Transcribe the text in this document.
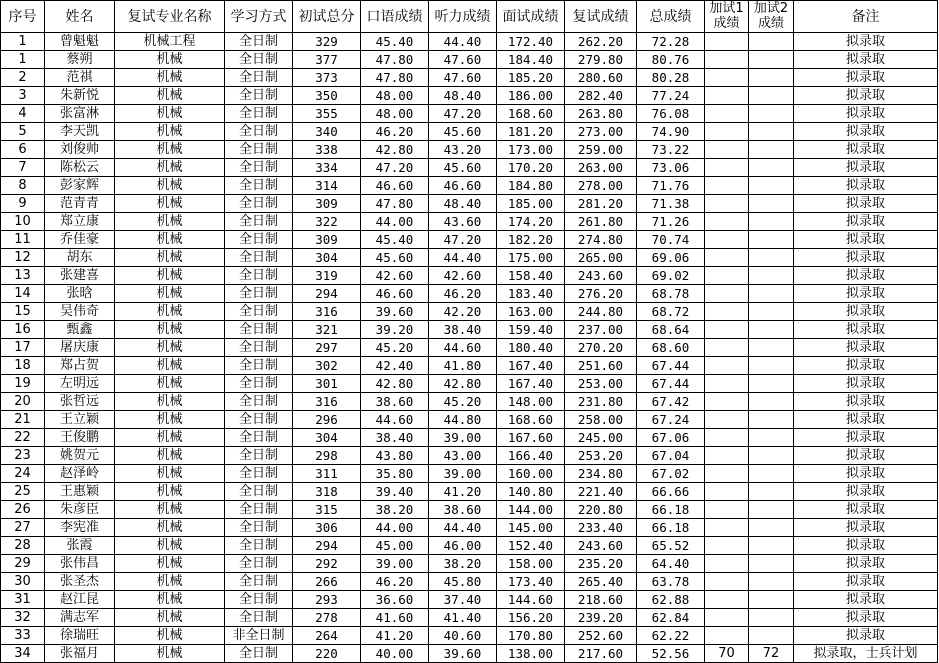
序号	姓名	复试专业名称	学习方式	初试总分	口语成绩	听力成绩	面试成绩	复试成绩	总成绩	加试1成绩	加试2成绩	备注
1	曾魁魁	机械工程	全日制	329	45.40	44.40	172.40	262.20	72.28			拟录取
1	蔡朔	机械	全日制	377	47.80	47.60	184.40	279.80	80.76			拟录取
2	范祺	机械	全日制	373	47.80	47.60	185.20	280.60	80.28			拟录取
3	朱新悦	机械	全日制	350	48.00	48.40	186.00	282.40	77.24			拟录取
4	张富淋	机械	全日制	355	48.00	47.20	168.60	263.80	76.08			拟录取
5	李天凯	机械	全日制	340	46.20	45.60	181.20	273.00	74.90			拟录取
6	刘俊帅	机械	全日制	338	42.80	43.20	173.00	259.00	73.22			拟录取
7	陈松云	机械	全日制	334	47.20	45.60	170.20	263.00	73.06			拟录取
8	彭家辉	机械	全日制	314	46.60	46.60	184.80	278.00	71.76			拟录取
9	范青青	机械	全日制	309	47.80	48.40	185.00	281.20	71.38			拟录取
10	郑立康	机械	全日制	322	44.00	43.60	174.20	261.80	71.26			拟录取
11	乔佳豪	机械	全日制	309	45.40	47.20	182.20	274.80	70.74			拟录取
12	胡东	机械	全日制	304	45.60	44.40	175.00	265.00	69.06			拟录取
13	张建喜	机械	全日制	319	42.60	42.60	158.40	243.60	69.02			拟录取
14	张晗	机械	全日制	294	46.60	46.20	183.40	276.20	68.78			拟录取
15	吴伟奇	机械	全日制	316	39.60	42.20	163.00	244.80	68.72			拟录取
16	甄鑫	机械	全日制	321	39.20	38.40	159.40	237.00	68.64			拟录取
17	屠庆康	机械	全日制	297	45.20	44.60	180.40	270.20	68.60			拟录取
18	郑占贺	机械	全日制	302	42.40	41.80	167.40	251.60	67.44			拟录取
19	左明远	机械	全日制	301	42.80	42.80	167.40	253.00	67.44			拟录取
20	张哲远	机械	全日制	316	38.60	45.20	148.00	231.80	67.42			拟录取
21	王立颖	机械	全日制	296	44.60	44.80	168.60	258.00	67.24			拟录取
22	王俊鹏	机械	全日制	304	38.40	39.00	167.60	245.00	67.06			拟录取
23	姚贺元	机械	全日制	298	43.80	43.00	166.40	253.20	67.04			拟录取
24	赵泽岭	机械	全日制	311	35.80	39.00	160.00	234.80	67.02			拟录取
25	王惠颖	机械	全日制	318	39.40	41.20	140.80	221.40	66.66			拟录取
26	朱彦臣	机械	全日制	315	38.20	38.60	144.00	220.80	66.18			拟录取
27	李宪准	机械	全日制	306	44.00	44.40	145.00	233.40	66.18			拟录取
28	张霞	机械	全日制	294	45.00	46.00	152.40	243.60	65.52			拟录取
29	张伟昌	机械	全日制	292	39.00	38.20	158.00	235.20	64.40			拟录取
30	张圣杰	机械	全日制	266	46.20	45.80	173.40	265.40	63.78			拟录取
31	赵江昆	机械	全日制	293	36.60	37.40	144.60	218.60	62.88			拟录取
32	满志军	机械	全日制	278	41.60	41.40	156.20	239.20	62.84			拟录取
33	徐瑞旺	机械	非全日制	264	41.20	40.60	170.80	252.60	62.22			拟录取
34	张福月	机械	全日制	220	40.00	39.60	138.00	217.60	52.56	70	72	拟录取，士兵计划
